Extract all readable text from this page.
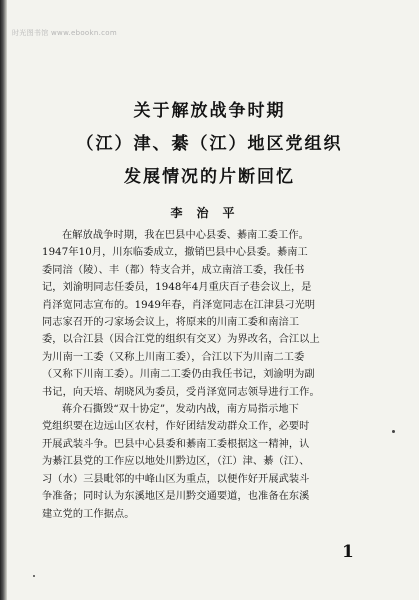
时光图书馆 www.ebookn.com
关于解放战争时期
（江）津、綦（江）地区党组织
发展情况的片断回忆
李治平

在解放战争时期，我在巴县中心县委、綦南工委工作。
1947年10月，川东临委成立，撤销巴县中心县委。綦南工
委同涪（陵）、丰（都）特支合并，成立南涪工委，我任书
记，刘渝明同志任委员，1948年4月重庆百子巷会议上，是
肖泽宽同志宣布的。1949年春，肖泽宽同志在江津县刁光明
同志家召开的刁家场会议上，将原来的川南工委和南涪工
委，以合江县（因合江党的组织有交叉）为界改名，合江以上
为川南一工委（又称上川南工委），合江以下为川南二工委
（又称下川南工委）。川南二工委仍由我任书记，刘渝明为副
书记，向天培、胡晓风为委员，受肖泽宽同志领导进行工作。

蒋介石撕毁“双十协定”，发动内战，南方局指示地下
党组织要在边远山区农村，作好团结发动群众工作，必要时
开展武装斗争。巴县中心县委和綦南工委根据这一精神，认
为綦江县党的工作应以地处川黔边区，（江）津、綦（江）、
习（水）三县毗邻的中峰山区为重点，以便作好开展武装斗
争准备；同时认为东溪地区是川黔交通要道，也准备在东溪
建立党的工作据点。

1
